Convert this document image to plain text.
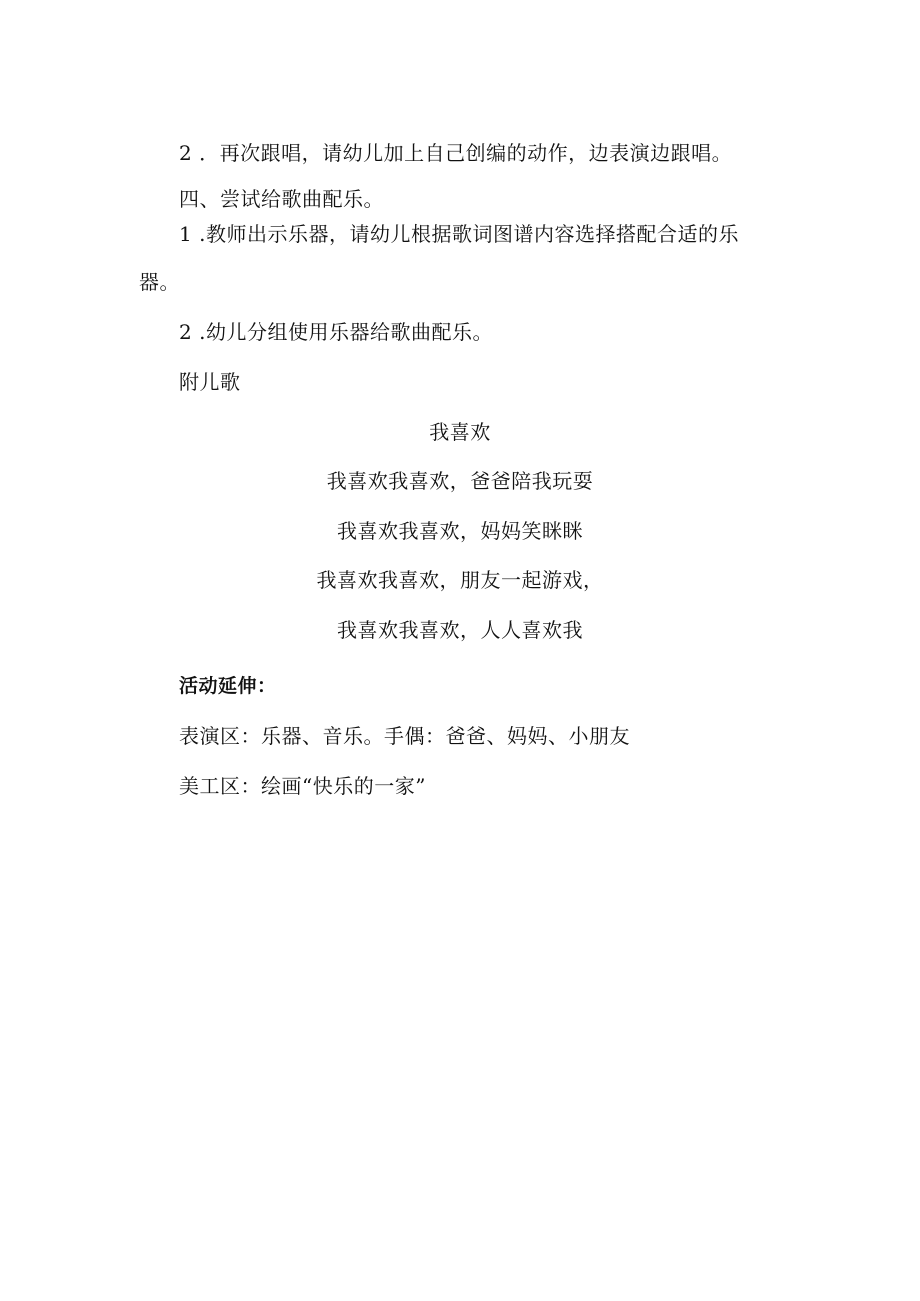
2 ．再次跟唱，请幼儿加上自己创编的动作，边表演边跟唱。
四、尝试给歌曲配乐。
1 .教师出示乐器，请幼儿根据歌词图谱内容选择搭配合适的乐
器。
2 .幼儿分组使用乐器给歌曲配乐。
附儿歌
我喜欢
我喜欢我喜欢，爸爸陪我玩耍
我喜欢我喜欢，妈妈笑眯眯
我喜欢我喜欢，朋友一起游戏，
我喜欢我喜欢，人人喜欢我
活动延伸：
表演区：乐器、音乐。手偶：爸爸、妈妈、小朋友
美工区：绘画“快乐的一家”
